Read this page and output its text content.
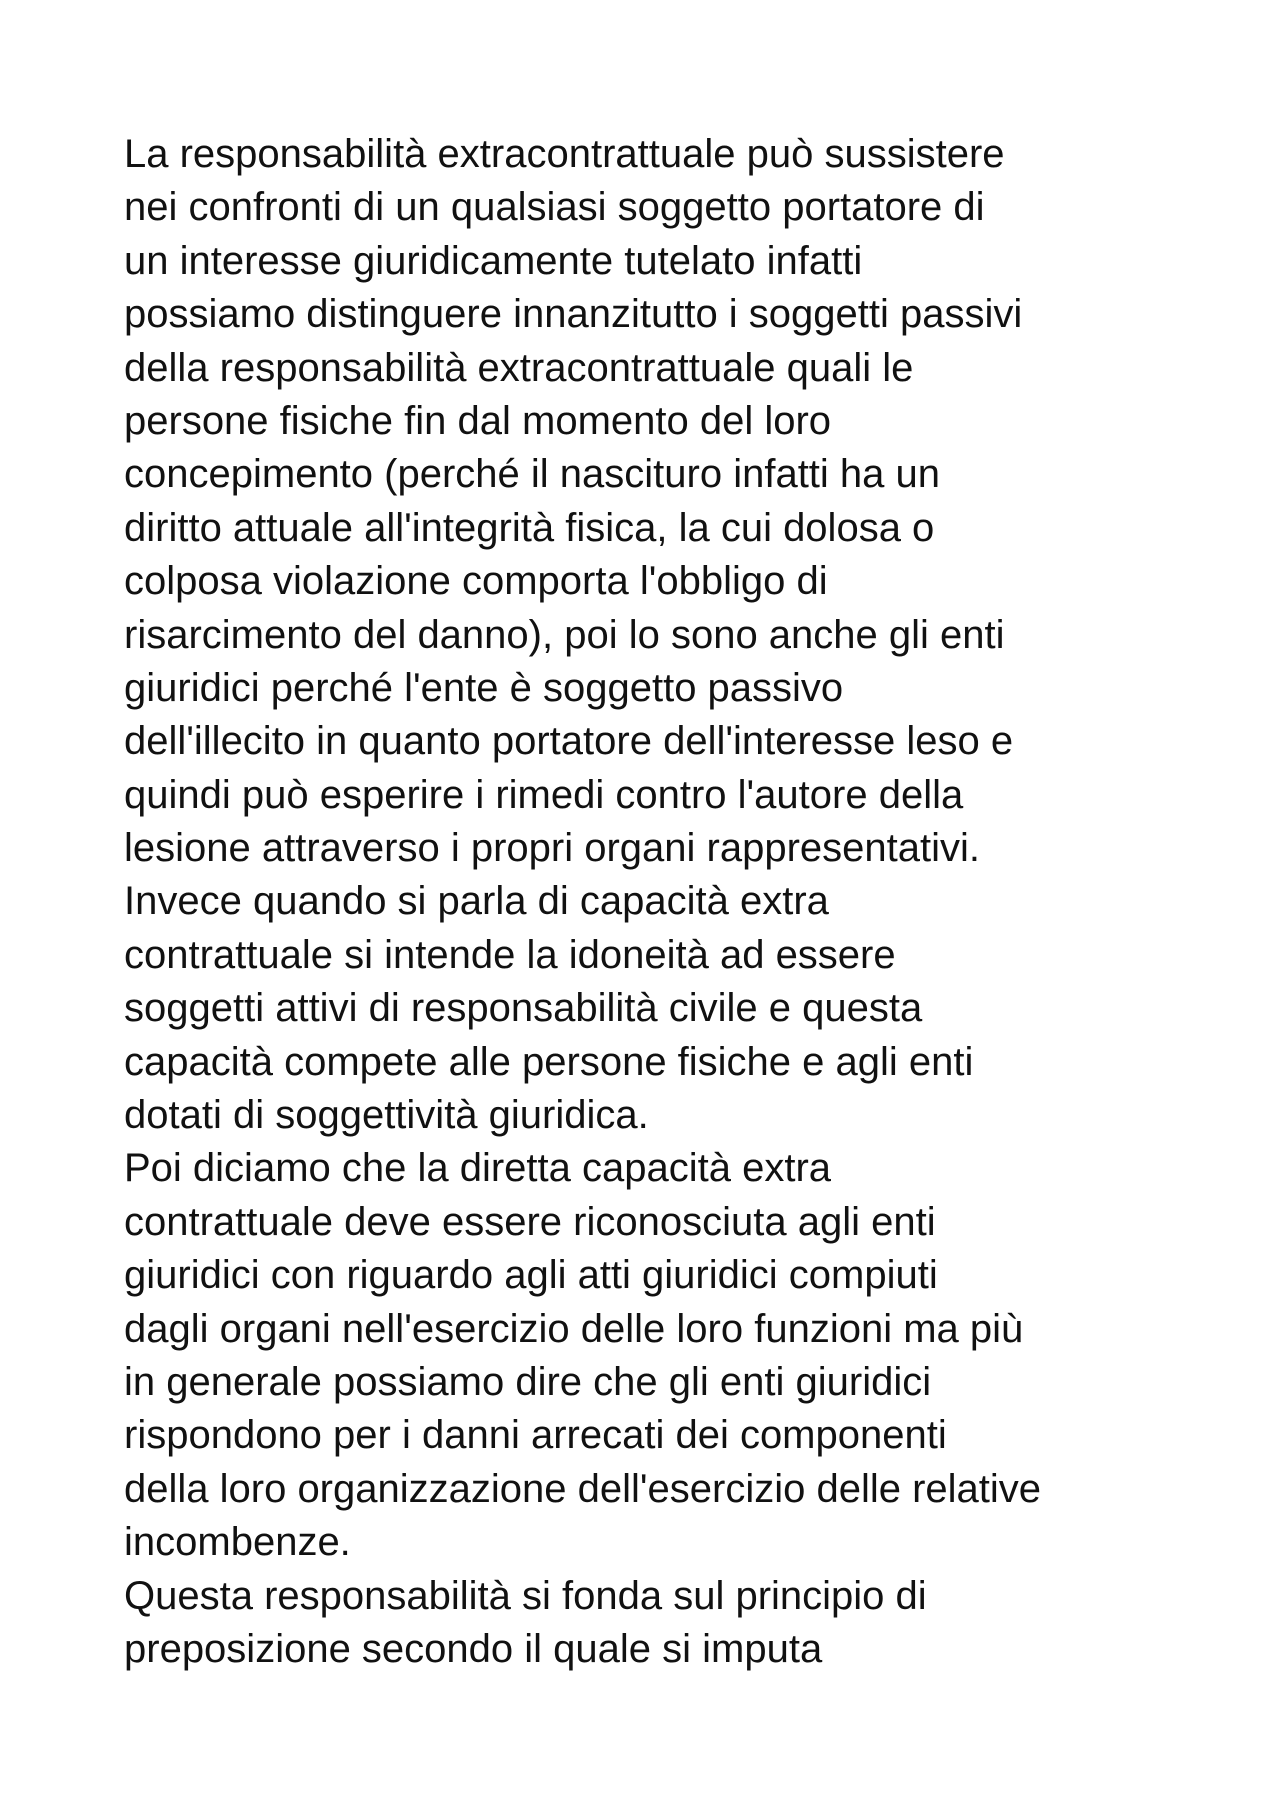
La responsabilità extracontrattuale può sussistere
nei confronti di un qualsiasi soggetto portatore di
un interesse giuridicamente tutelato infatti
possiamo distinguere innanzitutto i soggetti passivi
della responsabilità extracontrattuale quali le
persone fisiche fin dal momento del loro
concepimento (perché il nascituro infatti ha un
diritto attuale all'integrità fisica, la cui dolosa o
colposa violazione comporta l'obbligo di
risarcimento del danno), poi lo sono anche gli enti
giuridici perché l'ente è soggetto passivo
dell'illecito in quanto portatore dell'interesse leso e
quindi può esperire i rimedi contro l'autore della
lesione attraverso i propri organi rappresentativi.
Invece quando si parla di capacità extra
contrattuale si intende la idoneità ad essere
soggetti attivi di responsabilità civile e questa
capacità compete alle persone fisiche e agli enti
dotati di soggettività giuridica.
Poi diciamo che la diretta capacità extra
contrattuale deve essere riconosciuta agli enti
giuridici con riguardo agli atti giuridici compiuti
dagli organi nell'esercizio delle loro funzioni ma più
in generale possiamo dire che gli enti giuridici
rispondono per i danni arrecati dei componenti
della loro organizzazione dell'esercizio delle relative
incombenze.
Questa responsabilità si fonda sul principio di
preposizione secondo il quale si imputa
